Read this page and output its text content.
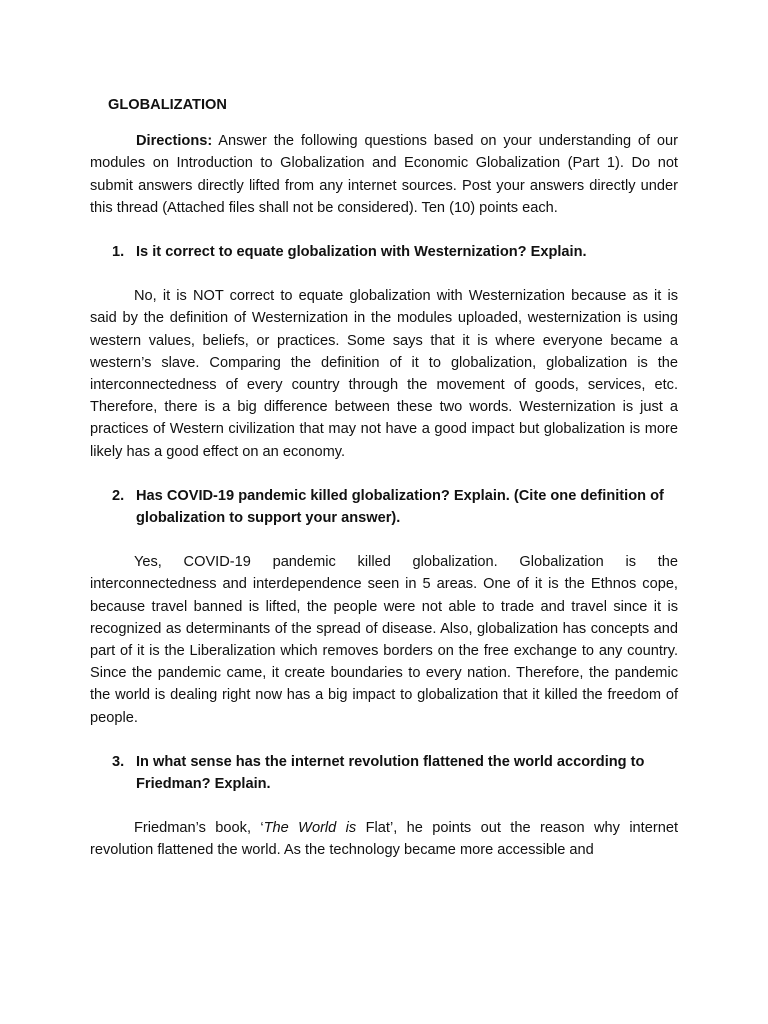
GLOBALIZATION

Directions: Answer the following questions based on your understanding of our modules on Introduction to Globalization and Economic Globalization (Part 1). Do not submit answers directly lifted from any internet sources. Post your answers directly under this thread (Attached files shall not be considered). Ten (10) points each.

1. Is it correct to equate globalization with Westernization? Explain.

No, it is NOT correct to equate globalization with Westernization because as it is said by the definition of Westernization in the modules uploaded, westernization is using western values, beliefs, or practices. Some says that it is where everyone became a western’s slave. Comparing the definition of it to globalization, globalization is the interconnectedness of every country through the movement of goods, services, etc. Therefore, there is a big difference between these two words. Westernization is just a practices of Western civilization that may not have a good impact but globalization is more likely has a good effect on an economy.

2. Has COVID-19 pandemic killed globalization? Explain. (Cite one definition of globalization to support your answer).

Yes, COVID-19 pandemic killed globalization. Globalization is the interconnectedness and interdependence seen in 5 areas. One of it is the Ethnos cope, because travel banned is lifted, the people were not able to trade and travel since it is recognized as determinants of the spread of disease. Also, globalization has concepts and part of it is the Liberalization which removes borders on the free exchange to any country. Since the pandemic came, it create boundaries to every nation. Therefore, the pandemic the world is dealing right now has a big impact to globalization that it killed the freedom of people.

3. In what sense has the internet revolution flattened the world according to Friedman? Explain.

Friedman’s book, ‘The World is Flat’, he points out the reason why internet revolution flattened the world. As the technology became more accessible and
